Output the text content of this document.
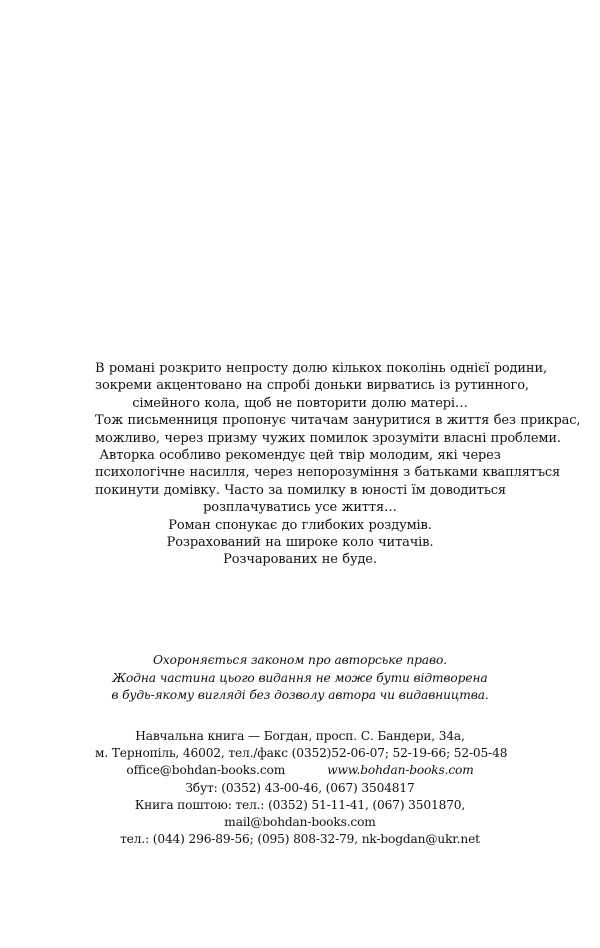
В романі розкрито непросту долю кількох поколінь однієї родини,
зокреми акцентовано на спробі доньки вирватись із рутинного,
сімейного кола, щоб не повторити долю матері…
Тож письменниця пропонує читачам зануритися в життя без прикрас,
можливо, через призму чужих помилок зрозуміти власні проблеми.
Авторка особливо рекомендує цей твір молодим, які через
психологічне насилля, через непорозуміння з батьками кваплятъся
покинути домівку. Часто за помилку в юності їм доводиться
розплачуватись усе життя…
Роман спонукає до глибоких роздумів.
Розрахований на широке коло читачів.
Розчарованих не буде.
Охороняється законом про авторське право.
Жодна частина цього видання не може бути відтворена
в будь-якому вигляді без дозволу автора чи видавництва.
Навчальна книга — Богдан, просп. С. Бандери, 34а,
м. Тернопіль, 46002, тел./факс (0352)52-06-07; 52-19-66; 52-05-48
office@bohdan-books.com	www.bohdan-books.com
Збут: (0352) 43-00-46, (067) 3504817
Книга поштою: тел.: (0352) 51-11-41, (067) 3501870,
mail@bohdan-books.com
тел.: (044) 296-89-56; (095) 808-32-79, nk-bogdan@ukr.net
